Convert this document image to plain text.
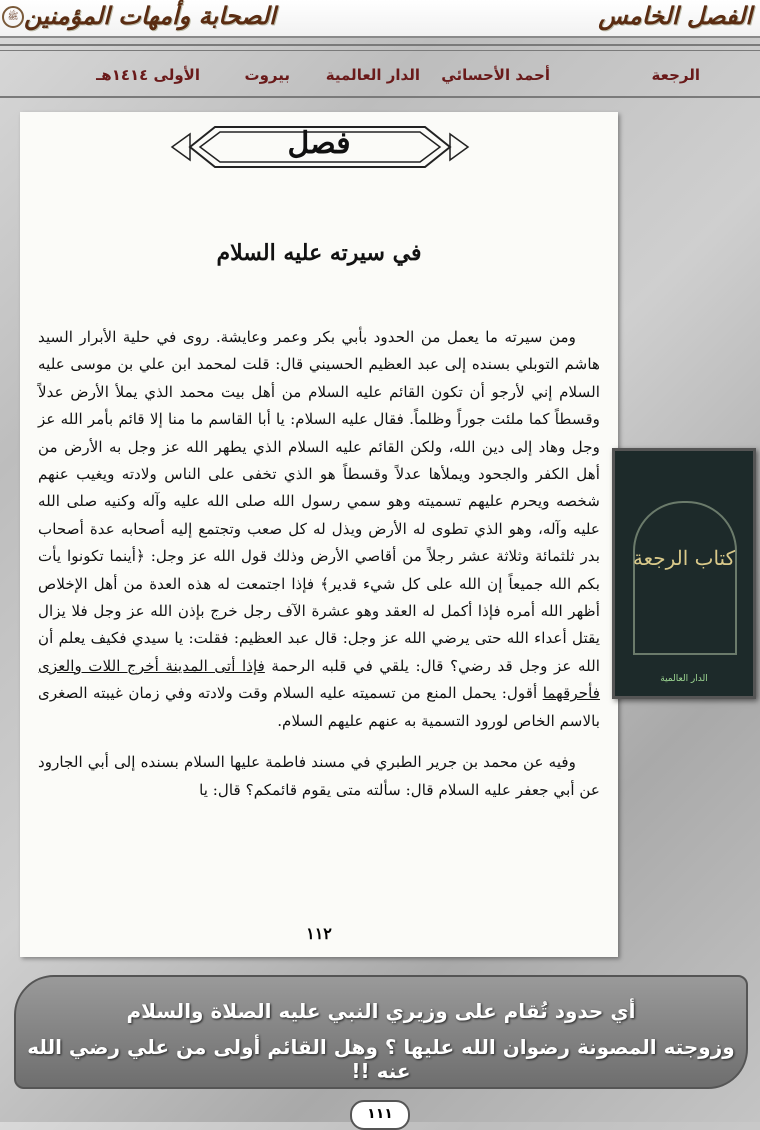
الفصل الخامس
الصحابة وأمهات المؤمنين
ﷺ
الرجعة
أحمد الأحسائي
الدار العالمية
بيروت
الأولى ١٤١٤هـ
فصل
في سيرته عليه السلام

ومن سيرته ما يعمل من الحدود بأبي بكر وعمر وعايشة. روى في حلية الأبرار السيد هاشم التوبلي بسنده إلى عبد العظيم الحسيني قال: قلت لمحمد ابن علي بن موسى عليه السلام إني لأرجو أن تكون القائم عليه السلام من أهل بيت محمد الذي يملأ الأرض عدلاً وقسطاً كما ملئت جوراً وظلماً. فقال عليه السلام: يا أبا القاسم ما منا إلا قائم بأمر الله عز وجل وهاد إلى دين الله، ولكن القائم عليه السلام الذي يطهر الله عز وجل به الأرض من أهل الكفر والجحود ويملأها عدلاً وقسطاً هو الذي تخفى على الناس ولادته ويغيب عنهم شخصه ويحرم عليهم تسميته وهو سمي رسول الله صلى الله عليه وآله وكنيه صلى الله عليه وآله، وهو الذي تطوى له الأرض ويذل له كل صعب وتجتمع إليه أصحابه عدة أصحاب بدر ثلثمائة وثلاثة عشر رجلاً من أقاصي الأرض وذلك قول الله عز وجل: ﴿أينما تكونوا يأت بكم الله جميعاً إن الله على كل شيء قدير﴾ فإذا اجتمعت له هذه العدة من أهل الإخلاص أظهر الله أمره فإذا أكمل له العقد وهو عشرة الآف رجل خرج بإذن الله عز وجل فلا يزال يقتل أعداء الله حتى يرضي الله عز وجل: قال عبد العظيم: فقلت: يا سيدي فكيف يعلم أن الله عز وجل قد رضي؟ قال: يلقي في قلبه الرحمة فإذا أتى المدينة أخرج اللات والعزى فأحرقهما أقول: يحمل المنع من تسميته عليه السلام وقت ولادته وفي زمان غيبته الصغرى بالاسم الخاص لورود التسمية به عنهم عليهم السلام.

وفيه عن محمد بن جرير الطبري في مسند فاطمة عليها السلام بسنده إلى أبي الجارود عن أبي جعفر عليه السلام قال: سألته متى يقوم قائمكم؟ قال: يا

١١٢
كتاب الرجعة
الدار العالمية
أي حدود تُقام على وزيري النبي عليه الصلاة والسلام
وزوجته المصونة رضوان الله عليها ؟ وهل القائم أولى من علي رضي الله عنه !!
١١١
